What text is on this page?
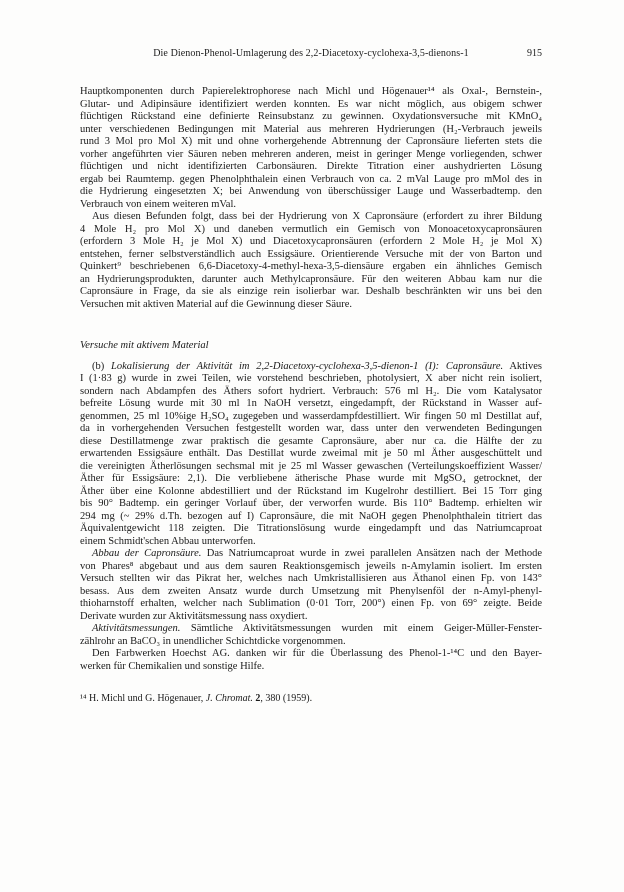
Die Dienon-Phenol-Umlagerung des 2,2-Diacetoxy-cyclohexa-3,5-dienons-1	915
Hauptkomponenten durch Papierelektrophorese nach Michl und Högenauer¹⁴ als Oxal-, Bernstein-,
Glutar- und Adipinsäure identifiziert werden konnten. Es war nicht möglich, aus obigem schwer
flüchtigen Rückstand eine definierte Reinsubstanz zu gewinnen. Oxydationsversuche mit KMnO₄
unter verschiedenen Bedingungen mit Material aus mehreren Hydrierungen (H₂-Verbrauch jeweils
rund 3 Mol pro Mol X) mit und ohne vorhergehende Abtrennung der Capronsäure lieferten stets die
vorher angeführten vier Säuren neben mehreren anderen, meist in geringer Menge vorliegenden, schwer
flüchtigen und nicht identifizierten Carbonsäuren. Direkte Titration einer aushydrierten Lösung
ergab bei Raumtemp. gegen Phenolphthalein einen Verbrauch von ca. 2 mVal Lauge pro mMol des in
die Hydrierung eingesetzten X; bei Anwendung von überschüssiger Lauge und Wasserbadtemp. den
Verbrauch von einem weiteren mVal.
Aus diesen Befunden folgt, dass bei der Hydrierung von X Capronsäure (erfordert zu ihrer Bildung
4 Mole H₂ pro Mol X) und daneben vermutlich ein Gemisch von Monoacetoxycapronsäuren
(erfordern 3 Mole H₂ je Mol X) und Diacetoxycapronsäuren (erfordern 2 Mole H₂ je Mol X)
entstehen, ferner selbstverständlich auch Essigsäure. Orientierende Versuche mit der von Barton und
Quinkert⁹ beschriebenen 6,6-Diacetoxy-4-methyl-hexa-3,5-diensäure ergaben ein ähnliches Gemisch
an Hydrierungsprodukten, darunter auch Methylcapronsäure. Für den weiteren Abbau kam nur die
Capronsäure in Frage, da sie als einzige rein isolierbar war. Deshalb beschränkten wir uns bei den
Versuchen mit aktiven Material auf die Gewinnung dieser Säure.
Versuche mit aktivem Material
(b) Lokalisierung der Aktivität im 2,2-Diacetoxy-cyclohexa-3,5-dienon-1 (I): Capronsäure. Aktives
I (1·83 g) wurde in zwei Teilen, wie vorstehend beschrieben, photolysiert, X aber nicht rein isoliert,
sondern nach Abdampfen des Äthers sofort hydriert. Verbrauch: 576 ml H₂. Die vom Katalysator
befreite Lösung wurde mit 30 ml 1n NaOH versetzt, eingedampft, der Rückstand in Wasser auf-
genommen, 25 ml 10%ige H₂SO₄ zugegeben und wasserdampfdestilliert. Wir fingen 50 ml Destillat auf,
da in vorhergehenden Versuchen festgestellt worden war, dass unter den verwendeten Bedingungen
diese Destillatmenge zwar praktisch die gesamte Capronsäure, aber nur ca. die Hälfte der zu
erwartenden Essigsäure enthält. Das Destillat wurde zweimal mit je 50 ml Äther ausgeschüttelt und
die vereinigten Ätherlösungen sechsmal mit je 25 ml Wasser gewaschen (Verteilungskoeffizient Wasser/
Äther für Essigsäure: 2,1). Die verbliebene ätherische Phase wurde mit MgSO₄ getrocknet, der
Äther über eine Kolonne abdestilliert und der Rückstand im Kugelrohr destilliert. Bei 15 Torr ging
bis 90° Badtemp. ein geringer Vorlauf über, der verworfen wurde. Bis 110° Badtemp. erhielten wir
294 mg (~ 29% d.Th. bezogen auf I) Capronsäure, die mit NaOH gegen Phenolphthalein titriert das
Äquivalentgewicht 118 zeigten. Die Titrationslösung wurde eingedampft und das Natriumcaproat
einem Schmidt'schen Abbau unterworfen.
Abbau der Capronsäure. Das Natriumcaproat wurde in zwei parallelen Ansätzen nach der Methode
von Phares⁸ abgebaut und aus dem sauren Reaktionsgemisch jeweils n-Amylamin isoliert. Im ersten
Versuch stellten wir das Pikrat her, welches nach Umkristallisieren aus Äthanol einen Fp. von 143°
besass. Aus dem zweiten Ansatz wurde durch Umsetzung mit Phenylsenföl der n-Amyl-phenyl-
thioharnstoff erhalten, welcher nach Sublimation (0·01 Torr, 200°) einen Fp. von 69° zeigte. Beide
Derivate wurden zur Aktivitätsmessung nass oxydiert.
Aktivitätsmessungen. Sämtliche Aktivitätsmessungen wurden mit einem Geiger-Müller-Fenster-
zählrohr an BaCO₃ in unendlicher Schichtdicke vorgenommen.
Den Farbwerken Hoechst AG. danken wir für die Überlassung des Phenol-1-¹⁴C und den Bayer-
werken für Chemikalien und sonstige Hilfe.
¹⁴ H. Michl und G. Högenauer, J. Chromat. 2, 380 (1959).
